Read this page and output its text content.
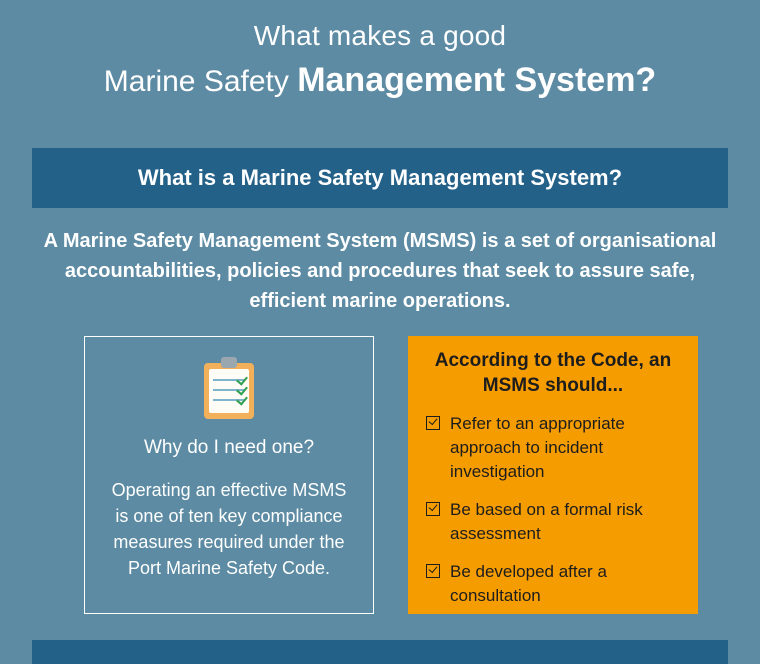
What makes a good
Marine Safety Management System?
What is a Marine Safety Management System?
A Marine Safety Management System (MSMS) is a set of organisational accountabilities, policies and procedures that seek to assure safe, efficient marine operations.
Why do I need one?
Operating an effective MSMS is one of ten key compliance measures required under the Port Marine Safety Code.
According to the Code, an MSMS should...
Refer to an appropriate approach to incident investigation
Be based on a formal risk assessment
Be developed after a consultation
